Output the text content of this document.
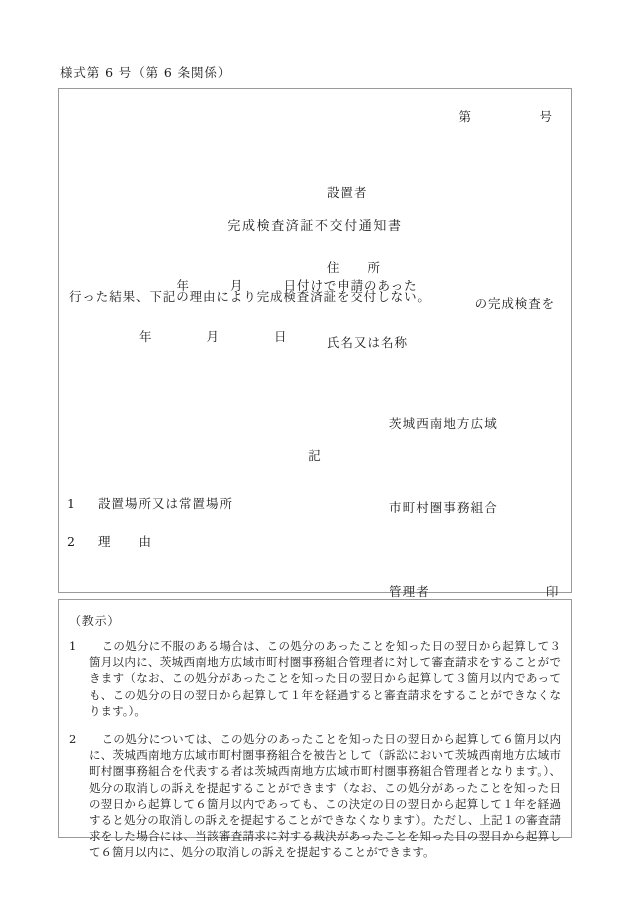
様式第 6 号（第 6 条関係）
第　　　　　号

設置者

住　　所

氏名又は名称

完成検査済証不交付通知書

　　　年　　　月　　　日付けで申請のあった

の完成検査を

行った結果、下記の理由により完成検査済証を交付しない。
年　　　　月　　　　日

茨城西南地方広域

市町村圏事務組合

管理者	印

記
1 設置場所又は常置場所
2 理　　由
（教示）
1	この処分に不服のある場合は、この処分のあったことを知った日の翌日から起算して３箇月以内に、茨城西南地方広域市町村圏事務組合管理者に対して審査請求をすることができます（なお、この処分があったことを知った日の翌日から起算して３箇月以内であっても、この処分の日の翌日から起算して１年を経過すると審査請求をすることができなくなります。）。
2	この処分については、この処分のあったことを知った日の翌日から起算して６箇月以内に、茨城西南地方広域市町村圏事務組合を被告として（訴訟において茨城西南地方広域市町村圏事務組合を代表する者は茨城西南地方広域市町村圏事務組合管理者となります。）、処分の取消しの訴えを提起することができます（なお、この処分があったことを知った日の翌日から起算して６箇月以内であっても、この決定の日の翌日から起算して１年を経過すると処分の取消しの訴えを提起することができなくなります）。ただし、上記１の審査請求をした場合には、当該審査請求に対する裁決があったことを知った日の翌日から起算して６箇月以内に、処分の取消しの訴えを提起することができます。
